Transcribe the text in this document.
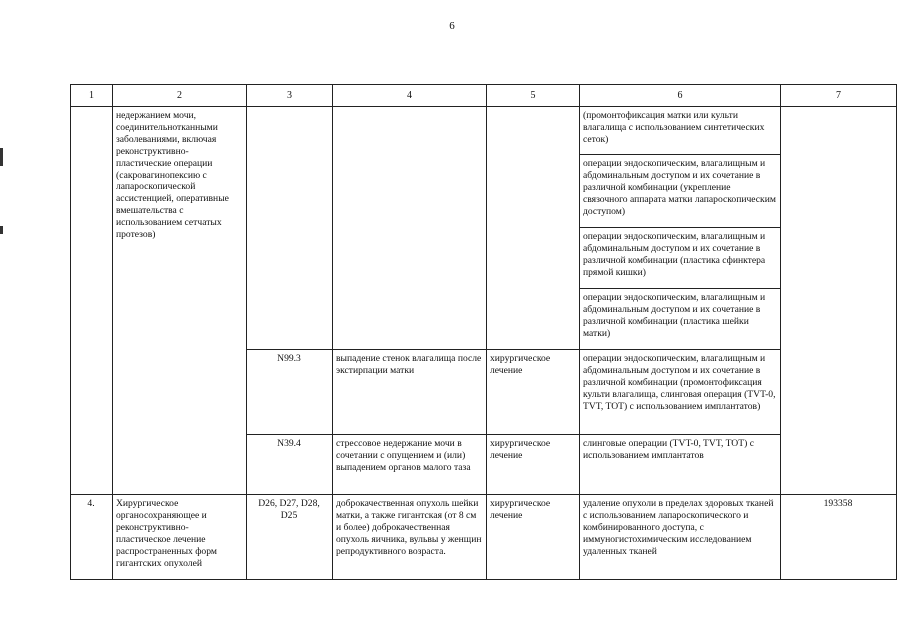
6
1	2	3	4	5	6	7
	недержанием мочи, соединительнотканными заболеваниями, включая реконструктивно-пластические операции (сакровагинопексию с лапароскопической ассистенцией, оперативные вмешательства с использованием сетчатых протезов)				(промонтофиксация матки или культи влагалища с использованием синтетических сеток)	
					операции эндоскопическим, влагалищным и абдоминальным доступом и их сочетание в различной комбинации (укрепление связочного аппарата матки лапароскопическим доступом)	
					операции эндоскопическим, влагалищным и абдоминальным доступом и их сочетание в различной комбинации (пластика сфинктера прямой кишки)	
					операции эндоскопическим, влагалищным и абдоминальным доступом и их сочетание в различной комбинации (пластика шейки матки)	
		N99.3	выпадение стенок влагалища после экстирпации матки	хирургическое лечение	операции эндоскопическим, влагалищным и абдоминальным доступом и их сочетание в различной комбинации (промонтофиксация культи влагалища, слинговая операция (TVT-0, TVT, TOT) с использованием имплантатов)	
		N39.4	стрессовое недержание мочи в сочетании с опущением и (или) выпадением органов малого таза	хирургическое лечение	слинговые операции (TVT-0, TVT, TOT) с использованием имплантатов	
4.	Хирургическое органосохраняющее и реконструктивно-пластическое лечение распространенных форм гигантских опухолей	D26, D27, D28, D25	доброкачественная опухоль шейки матки, а также гигантская (от 8 см и более) доброкачественная опухоль яичника, вульвы у женщин репродуктивного возраста.	хирургическое лечение	удаление опухоли в пределах здоровых тканей с использованием лапароскопического и комбинированного доступа, с иммуногистохимическим исследованием удаленных тканей	193358
